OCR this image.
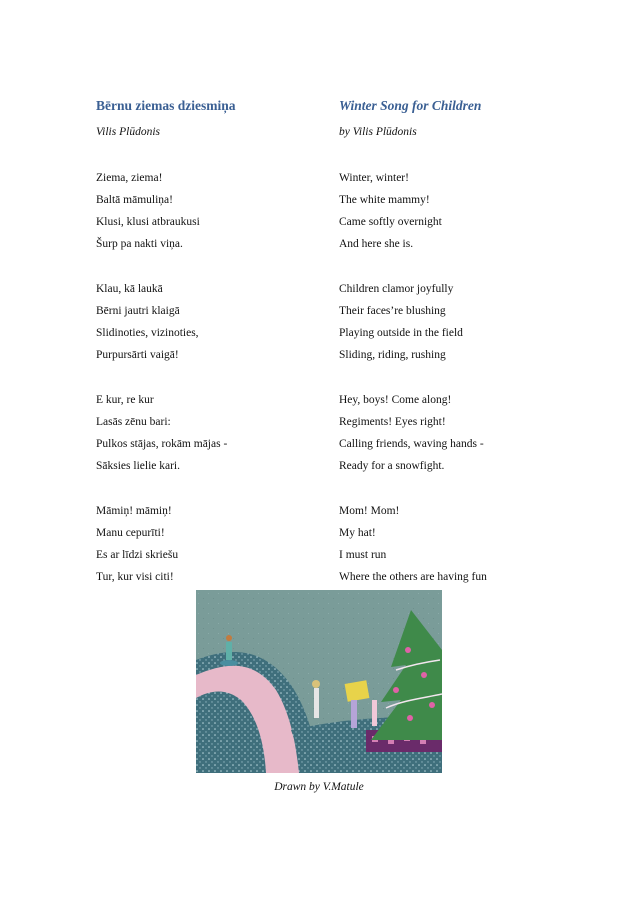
Bērnu ziemas dziesmiņa	Winter Song for Children
Vilis Plūdonis	by Vilis Plūdonis
Ziema, ziema!
Baltā māmuliņa!
Klusi, klusi atbraukusi
Šurp pa nakti viņa.
Klau, kā laukā
Bērni jautri klaigā
Slidinoties, vizinoties,
Purpursārti vaigā!
E kur, re kur
Lasās zēnu bari:
Pulkos stājas, rokām mājas -
Sāksies lielie kari.
Māmiņ! māmiņ!
Manu cepurīti!
Es ar līdzi skriešu
Tur, kur visi citi!
Winter, winter!
The white mammy!
Came softly overnight
And here she is.
Children clamor joyfully
Their faces’re blushing
Playing outside in the field
Sliding, riding, rushing
Hey, boys! Come along!
Regiments! Eyes right!
Calling friends, waving hands -
Ready for a snowfight.
Mom! Mom!
My hat!
I must run
Where the others are having fun
Drawn by V.Matule
